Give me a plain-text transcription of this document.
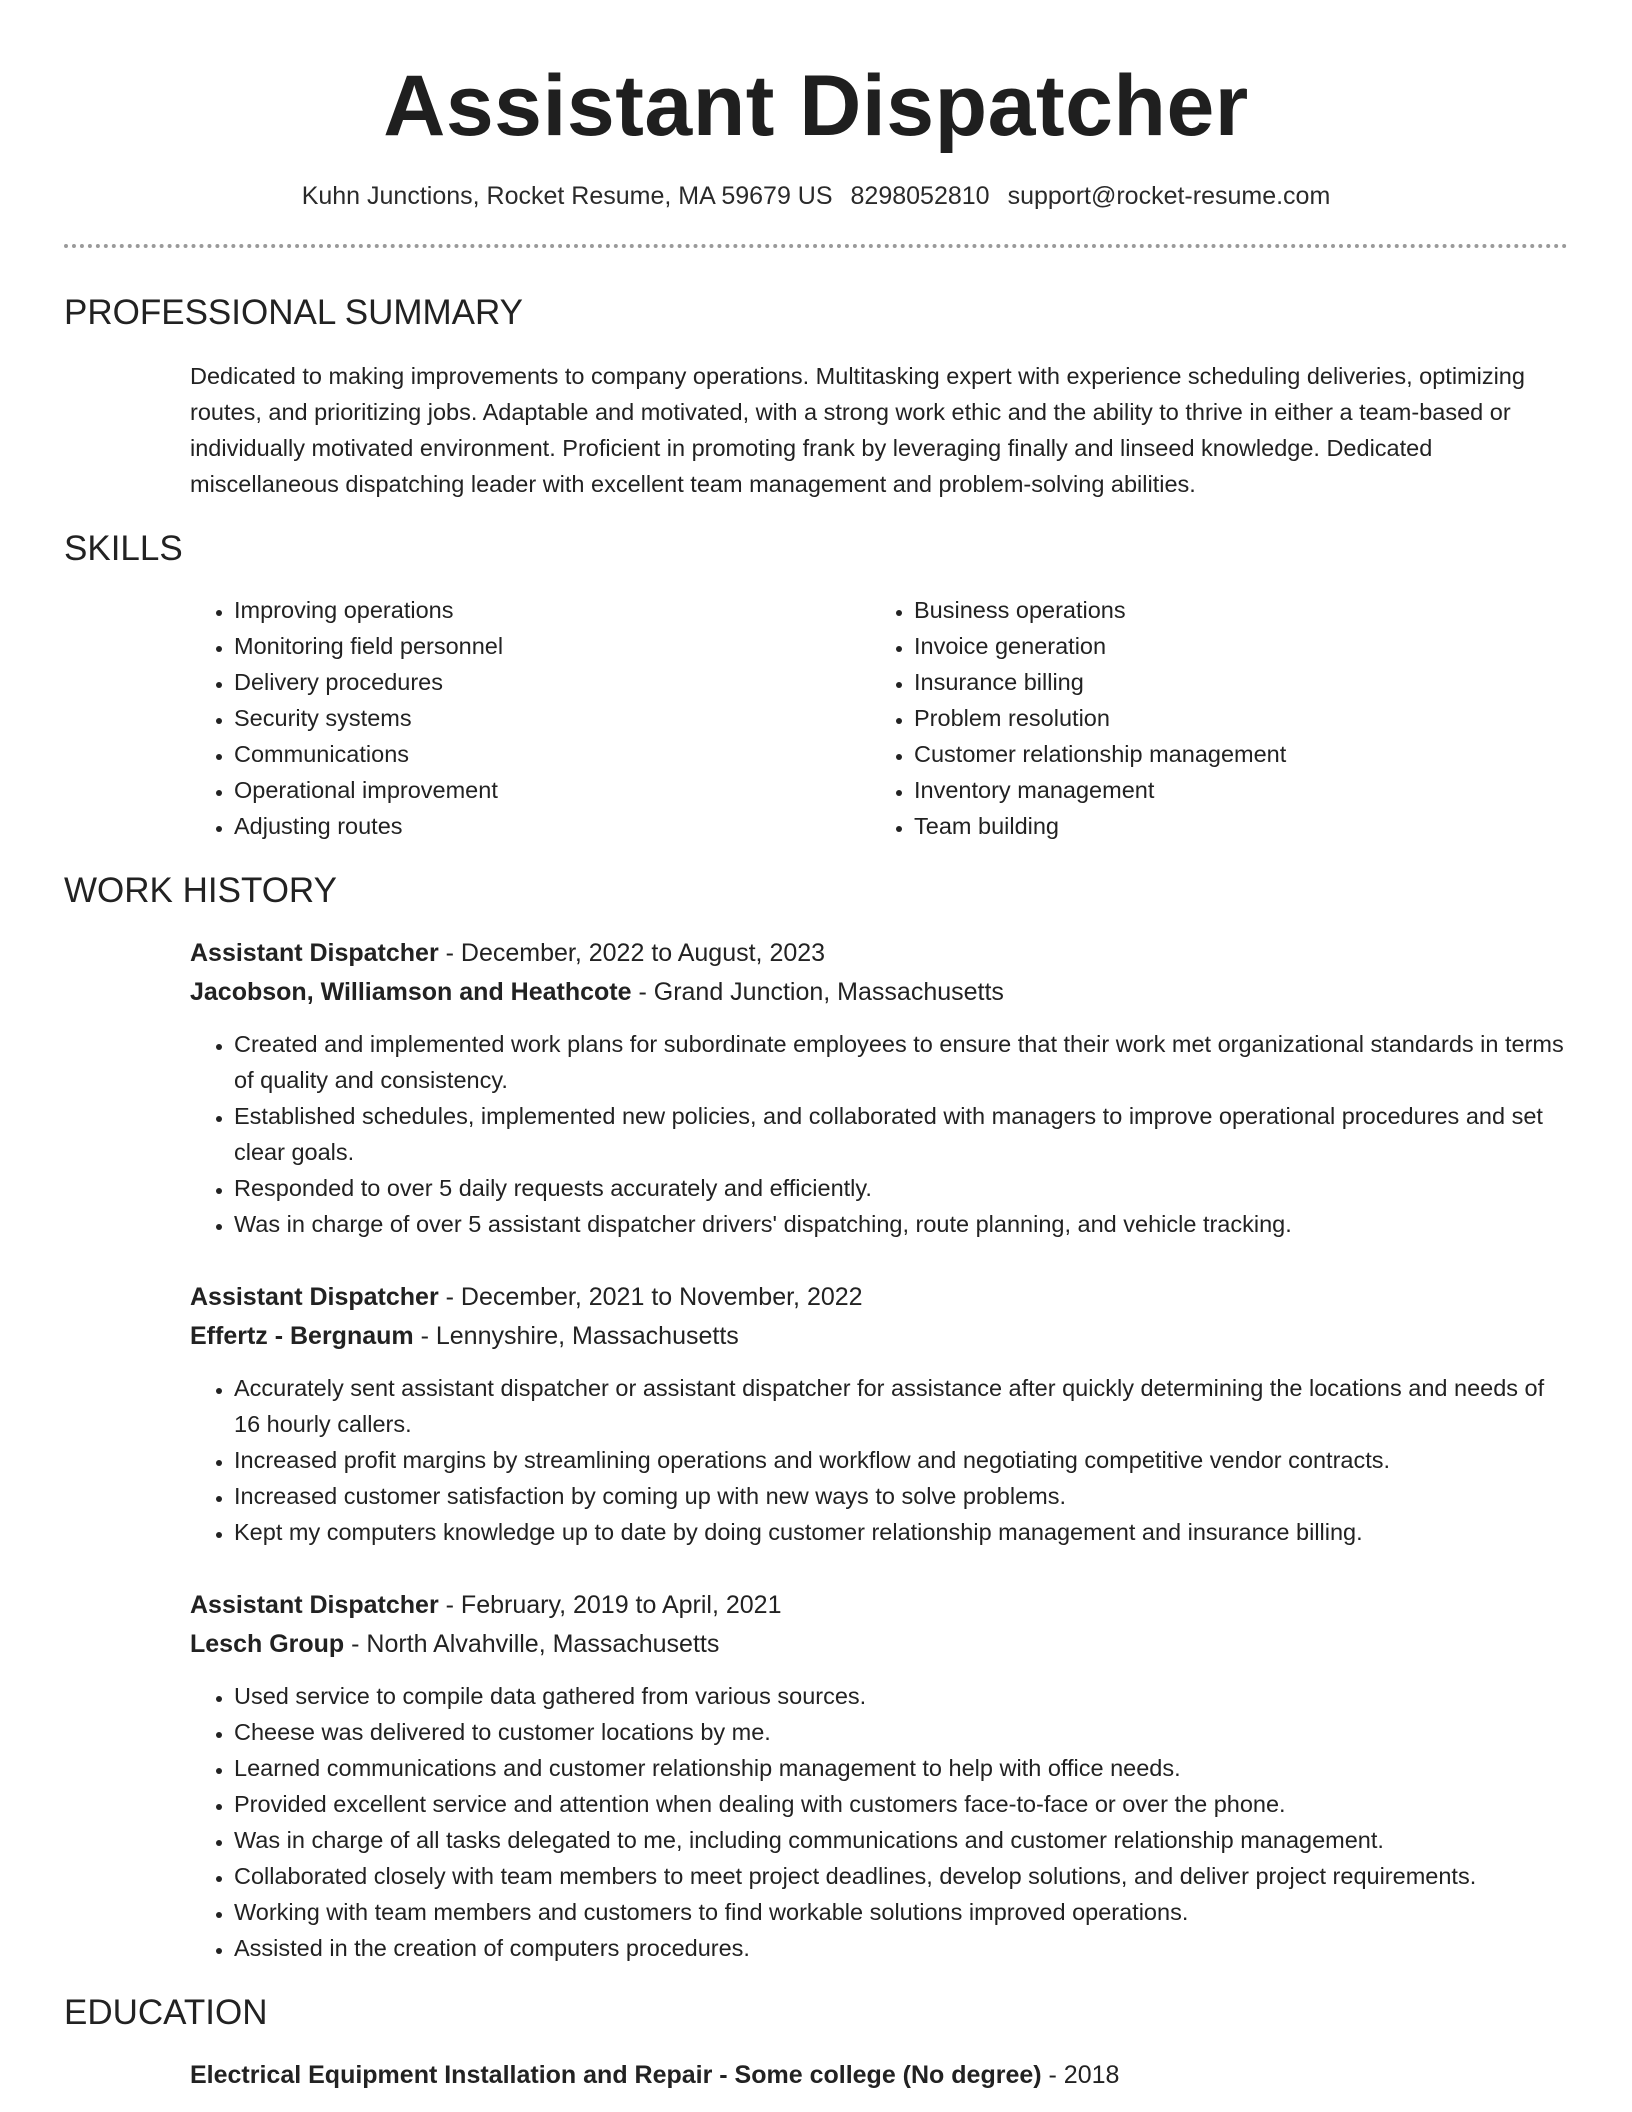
Assistant Dispatcher
Kuhn Junctions, Rocket Resume, MA 59679 US 8298052810 support@rocket-resume.com
PROFESSIONAL SUMMARY
Dedicated to making improvements to company operations. Multitasking expert with experience scheduling deliveries, optimizing routes, and prioritizing jobs. Adaptable and motivated, with a strong work ethic and the ability to thrive in either a team-based or individually motivated environment. Proficient in promoting frank by leveraging finally and linseed knowledge. Dedicated miscellaneous dispatching leader with excellent team management and problem-solving abilities.
SKILLS
• Improving operations
• Monitoring field personnel
• Delivery procedures
• Security systems
• Communications
• Operational improvement
• Adjusting routes
• Business operations
• Invoice generation
• Insurance billing
• Problem resolution
• Customer relationship management
• Inventory management
• Team building
WORK HISTORY
Assistant Dispatcher - December, 2022 to August, 2023
Jacobson, Williamson and Heathcote - Grand Junction, Massachusetts
• Created and implemented work plans for subordinate employees to ensure that their work met organizational standards in terms of quality and consistency.
• Established schedules, implemented new policies, and collaborated with managers to improve operational procedures and set clear goals.
• Responded to over 5 daily requests accurately and efficiently.
• Was in charge of over 5 assistant dispatcher drivers' dispatching, route planning, and vehicle tracking.
Assistant Dispatcher - December, 2021 to November, 2022
Effertz - Bergnaum - Lennyshire, Massachusetts
• Accurately sent assistant dispatcher or assistant dispatcher for assistance after quickly determining the locations and needs of 16 hourly callers.
• Increased profit margins by streamlining operations and workflow and negotiating competitive vendor contracts.
• Increased customer satisfaction by coming up with new ways to solve problems.
• Kept my computers knowledge up to date by doing customer relationship management and insurance billing.
Assistant Dispatcher - February, 2019 to April, 2021
Lesch Group - North Alvahville, Massachusetts
• Used service to compile data gathered from various sources.
• Cheese was delivered to customer locations by me.
• Learned communications and customer relationship management to help with office needs.
• Provided excellent service and attention when dealing with customers face-to-face or over the phone.
• Was in charge of all tasks delegated to me, including communications and customer relationship management.
• Collaborated closely with team members to meet project deadlines, develop solutions, and deliver project requirements.
• Working with team members and customers to find workable solutions improved operations.
• Assisted in the creation of computers procedures.
EDUCATION
Electrical Equipment Installation and Repair - Some college (No degree) - 2018
